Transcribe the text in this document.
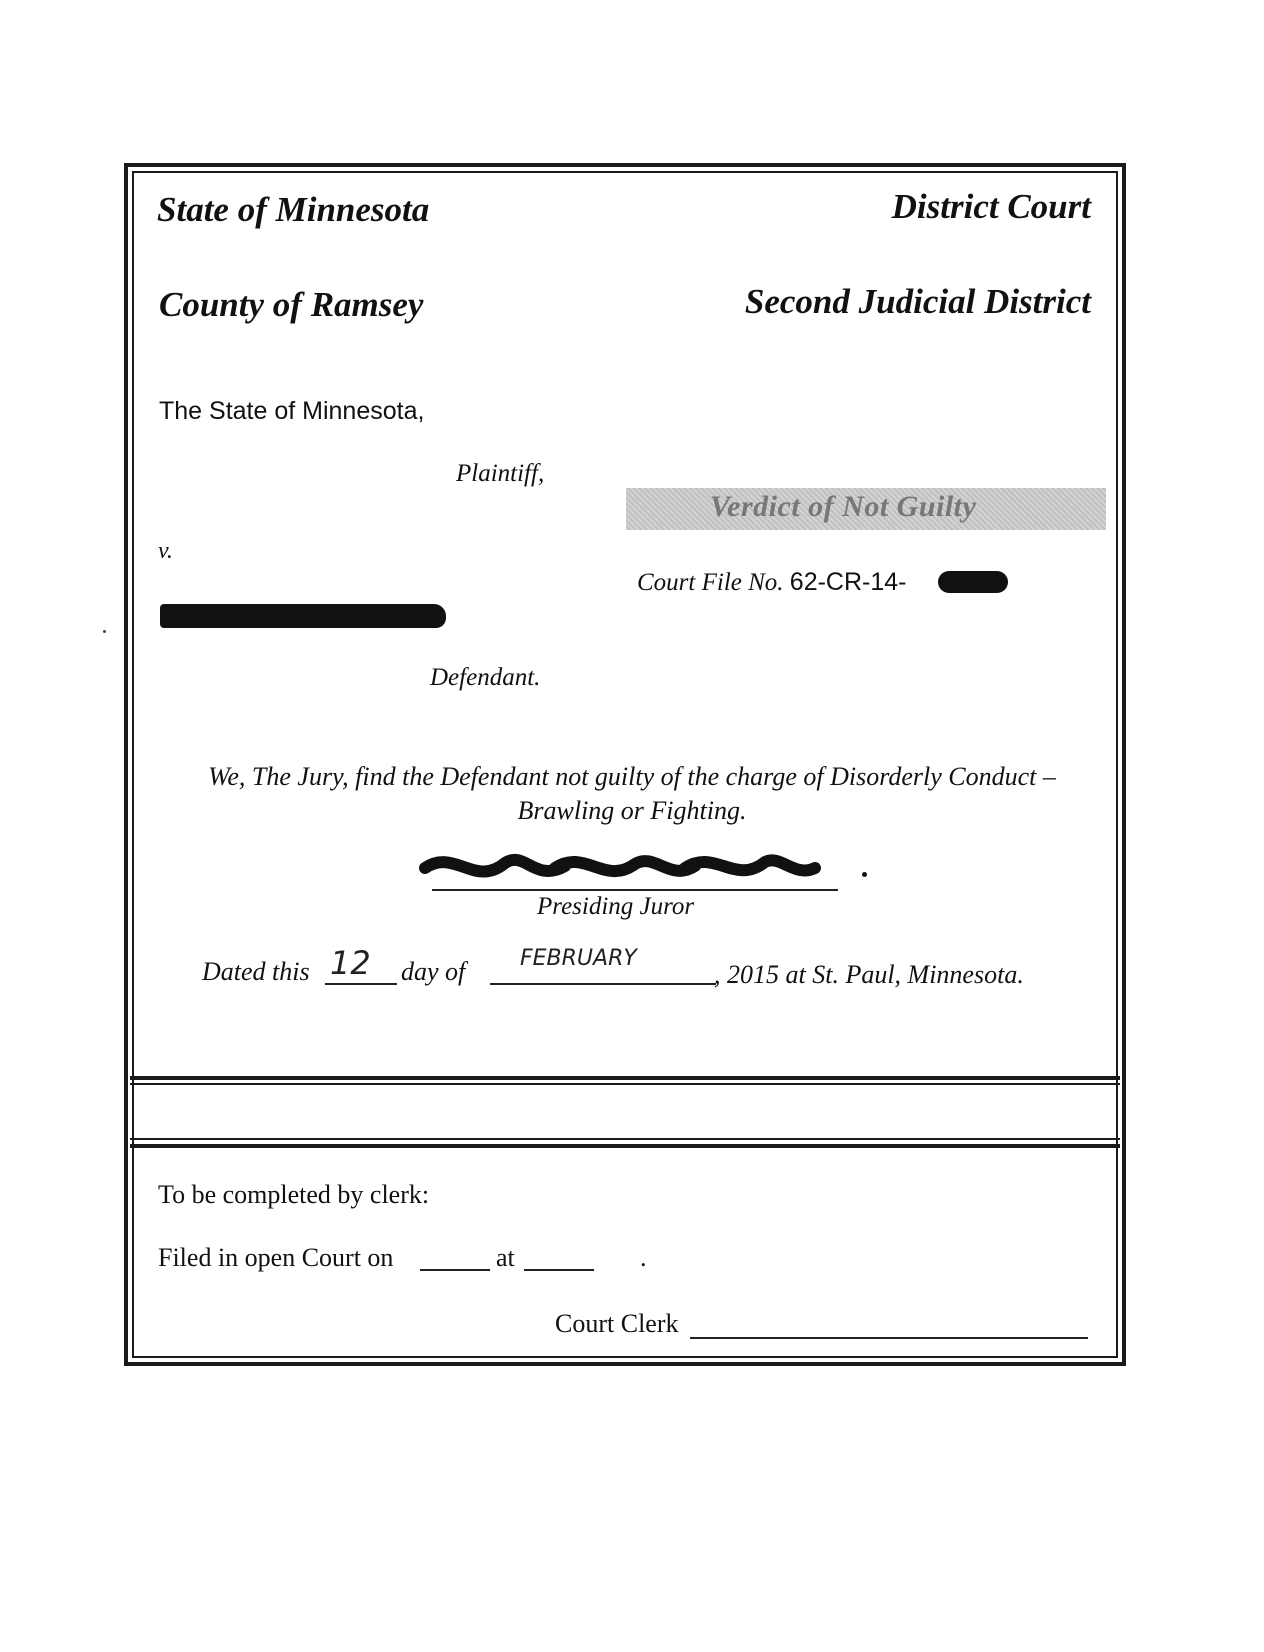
State of Minnesota	District Court
County of Ramsey	Second Judicial District
The State of Minnesota,
Plaintiff,
Verdict of Not Guilty
v.
Court File No. 62-CR-14-
Defendant.
We, The Jury, find the Defendant not guilty of the charge of Disorderly Conduct –
Brawling or Fighting.
Presiding Juror
Dated this 12 day of FEBRUARY
, 2015 at St. Paul, Minnesota.
To be completed by clerk:
Filed in open Court on	at	.
Court Clerk
